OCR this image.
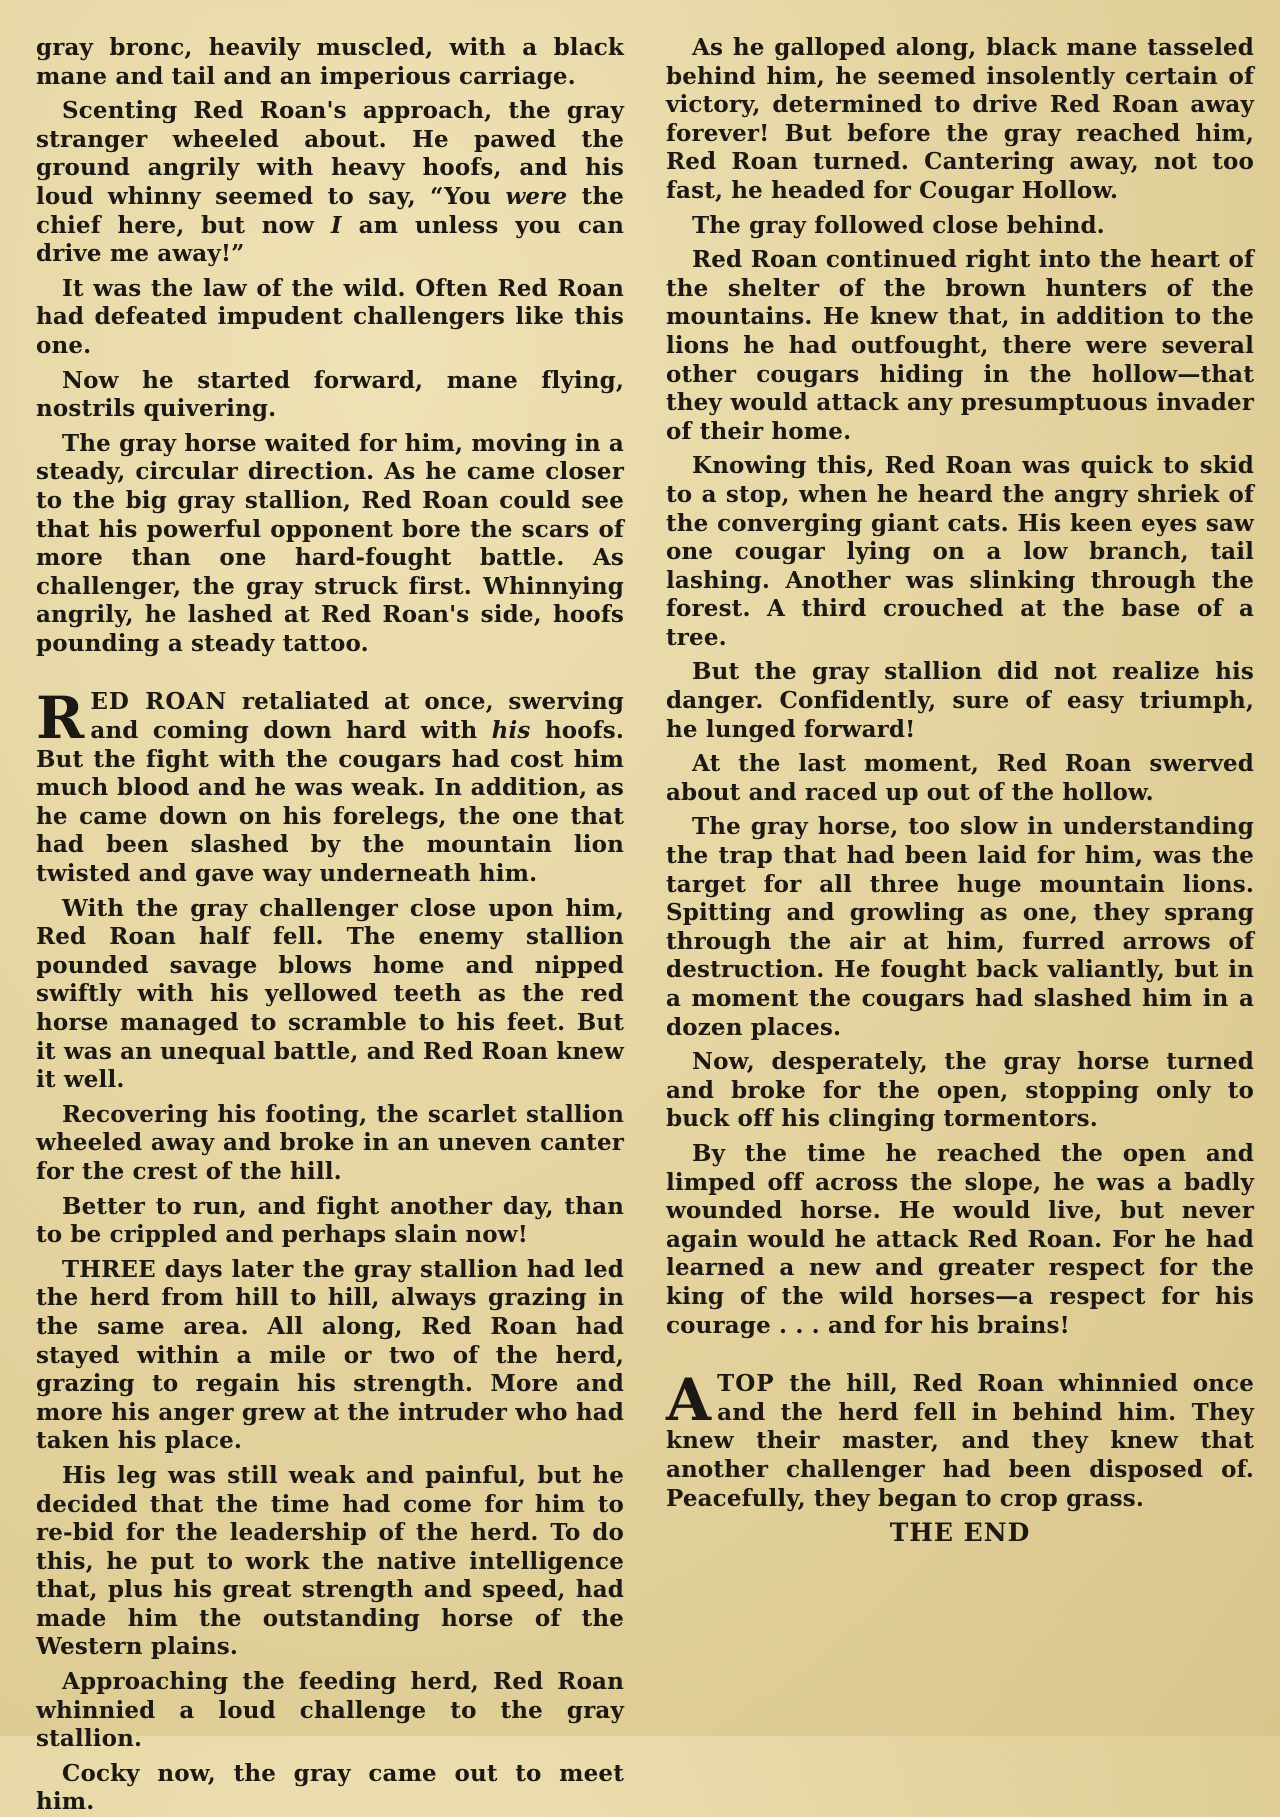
gray bronc, heavily muscled, with a black mane and tail and an imperious carriage.

Scenting Red Roan's approach, the gray stranger wheeled about. He pawed the ground angrily with heavy hoofs, and his loud whinny seemed to say, “You were the chief here, but now I am unless you can drive me away!”

It was the law of the wild. Often Red Roan had defeated impudent challengers like this one.

Now he started forward, mane flying, nostrils quivering.

The gray horse waited for him, moving in a steady, circular direction. As he came closer to the big gray stallion, Red Roan could see that his powerful opponent bore the scars of more than one hard-fought battle. As challenger, the gray struck first. Whinnying angrily, he lashed at Red Roan's side, hoofs pounding a steady tattoo.

RED ROAN retaliated at once, swerving and coming down hard with his hoofs. But the fight with the cougars had cost him much blood and he was weak. In addition, as he came down on his forelegs, the one that had been slashed by the mountain lion twisted and gave way underneath him.

With the gray challenger close upon him, Red Roan half fell. The enemy stallion pounded savage blows home and nipped swiftly with his yellowed teeth as the red horse managed to scramble to his feet. But it was an unequal battle, and Red Roan knew it well.

Recovering his footing, the scarlet stallion wheeled away and broke in an uneven canter for the crest of the hill.

Better to run, and fight another day, than to be crippled and perhaps slain now!

THREE days later the gray stallion had led the herd from hill to hill, always grazing in the same area. All along, Red Roan had stayed within a mile or two of the herd, grazing to regain his strength. More and more his anger grew at the intruder who had taken his place.

His leg was still weak and painful, but he decided that the time had come for him to re-bid for the leadership of the herd. To do this, he put to work the native intelligence that, plus his great strength and speed, had made him the outstanding horse of the Western plains.

Approaching the feeding herd, Red Roan whinnied a loud challenge to the gray stallion.

Cocky now, the gray came out to meet him.

As he galloped along, black mane tasseled behind him, he seemed insolently certain of victory, determined to drive Red Roan away forever! But before the gray reached him, Red Roan turned. Cantering away, not too fast, he headed for Cougar Hollow.

The gray followed close behind.

Red Roan continued right into the heart of the shelter of the brown hunters of the mountains. He knew that, in addition to the lions he had outfought, there were several other cougars hiding in the hollow—that they would attack any presumptuous invader of their home.

Knowing this, Red Roan was quick to skid to a stop, when he heard the angry shriek of the converging giant cats. His keen eyes saw one cougar lying on a low branch, tail lashing. Another was slinking through the forest. A third crouched at the base of a tree.

But the gray stallion did not realize his danger. Confidently, sure of easy triumph, he lunged forward!

At the last moment, Red Roan swerved about and raced up out of the hollow.

The gray horse, too slow in understanding the trap that had been laid for him, was the target for all three huge mountain lions. Spitting and growling as one, they sprang through the air at him, furred arrows of destruction. He fought back valiantly, but in a moment the cougars had slashed him in a dozen places.

Now, desperately, the gray horse turned and broke for the open, stopping only to buck off his clinging tormentors.

By the time he reached the open and limped off across the slope, he was a badly wounded horse. He would live, but never again would he attack Red Roan. For he had learned a new and greater respect for the king of the wild horses—a respect for his courage . . . and for his brains!

ATOP the hill, Red Roan whinnied once and the herd fell in behind him. They knew their master, and they knew that another challenger had been disposed of. Peacefully, they began to crop grass.

THE END
